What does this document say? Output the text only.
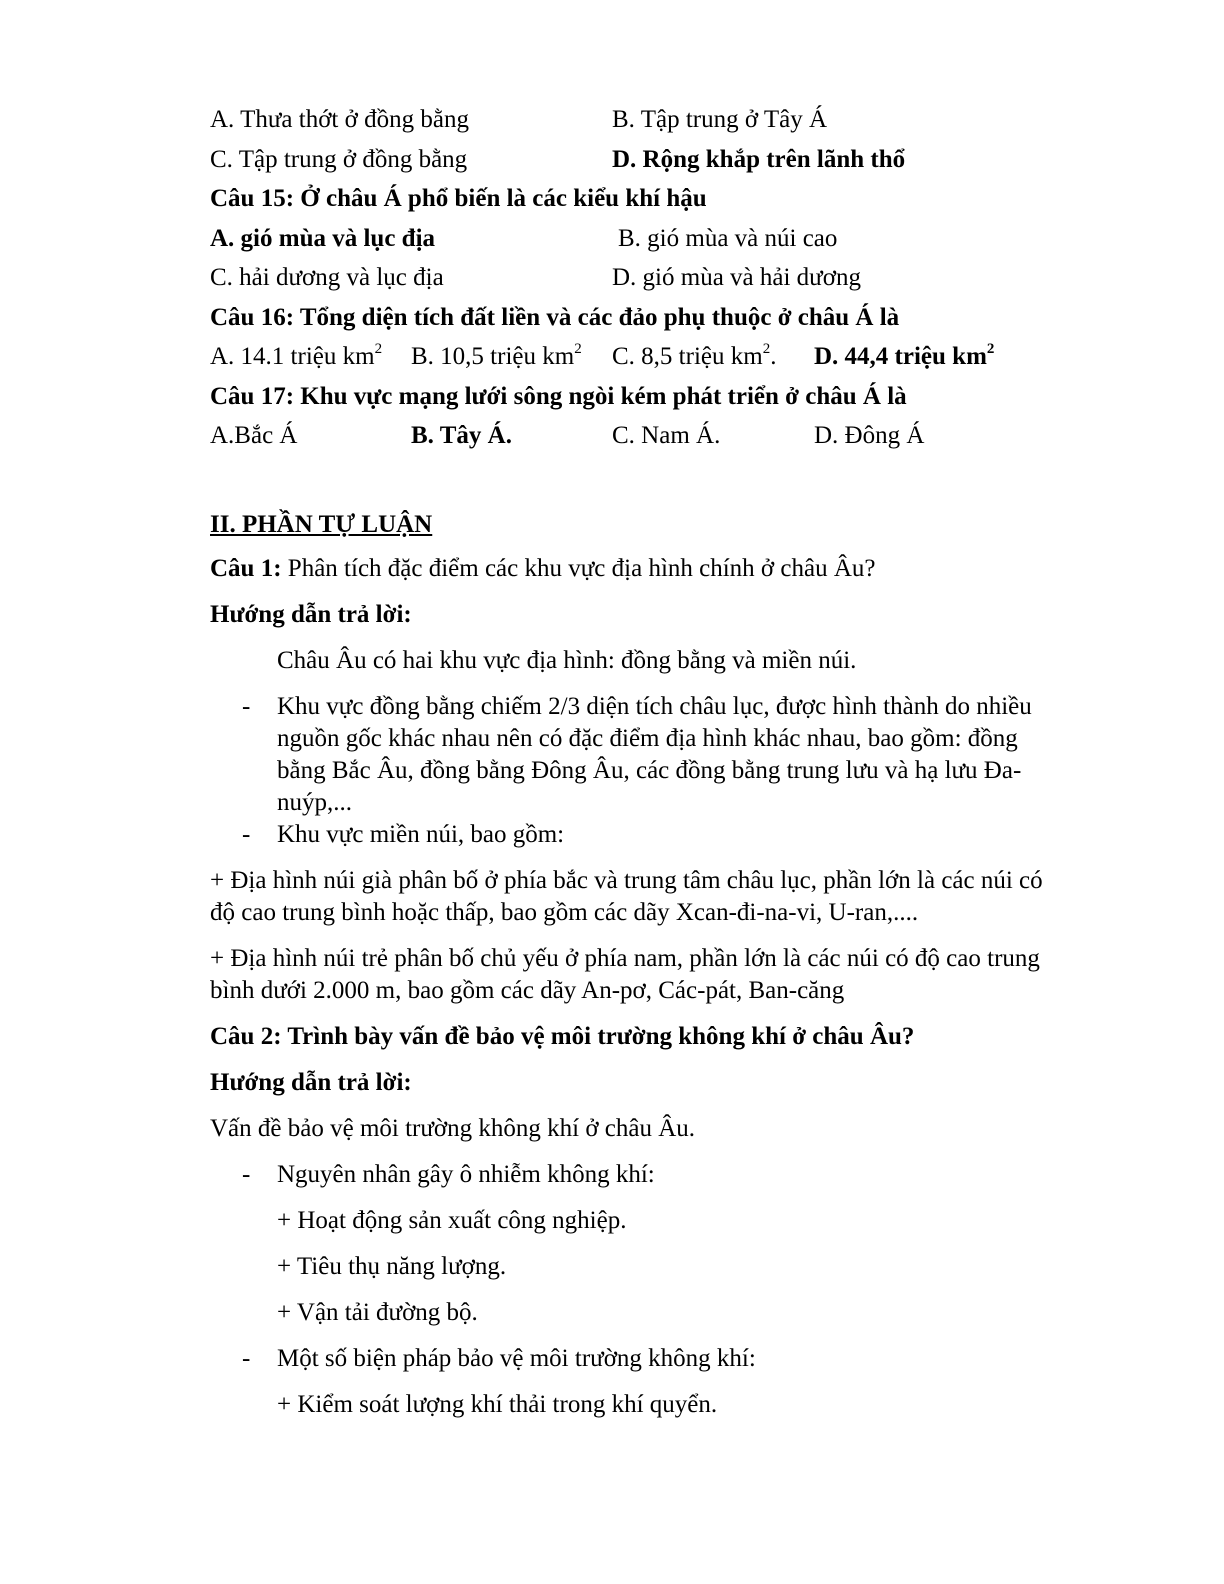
A. Thưa thớt ở đồng bằng	B. Tập trung ở Tây Á
C. Tập trung ở đồng bằng	D. Rộng khắp trên lãnh thổ
Câu 15: Ở châu Á phổ biến là các kiểu khí hậu
A. gió mùa và lục địa	B. gió mùa và núi cao
C. hải dương và lục địa	D. gió mùa và hải dương
Câu 16: Tổng diện tích đất liền và các đảo phụ thuộc ở châu Á là
A. 14.1 triệu $km^2$ B. 10,5 triệu $km^2$ C. 8,5 triệu $km^2$. D. 44,4 triệu $km^2$
Câu 17: Khu vực mạng lưới sông ngòi kém phát triển ở châu Á là
A.Bắc Á	B. Tây Á.	C. Nam Á.	D. Đông Á
II. PHẦN TỰ LUẬN
Câu 1: Phân tích đặc điểm các khu vực địa hình chính ở châu Âu?
Hướng dẫn trả lời:
Châu Âu có hai khu vực địa hình: đồng bằng và miền núi.
- Khu vực đồng bằng chiếm 2/3 diện tích châu lục, được hình thành do nhiều nguồn gốc khác nhau nên có đặc điểm địa hình khác nhau, bao gồm: đồng bằng Bắc Âu, đồng bằng Đông Âu, các đồng bằng trung lưu và hạ lưu Đa-nuýp,...
- Khu vực miền núi, bao gồm:
+ Địa hình núi già phân bố ở phía bắc và trung tâm châu lục, phần lớn là các núi có độ cao trung bình hoặc thấp, bao gồm các dãy Xcan-đi-na-vi, U-ran,....
+ Địa hình núi trẻ phân bố chủ yếu ở phía nam, phần lớn là các núi có độ cao trung bình dưới 2.000 m, bao gồm các dãy An-pơ, Các-pát, Ban-căng
Câu 2: Trình bày vấn đề bảo vệ môi trường không khí ở châu Âu?
Hướng dẫn trả lời:
Vấn đề bảo vệ môi trường không khí ở châu Âu.
- Nguyên nhân gây ô nhiễm không khí:
+ Hoạt động sản xuất công nghiệp.
+ Tiêu thụ năng lượng.
+ Vận tải đường bộ.
- Một số biện pháp bảo vệ môi trường không khí:
+ Kiểm soát lượng khí thải trong khí quyển.
